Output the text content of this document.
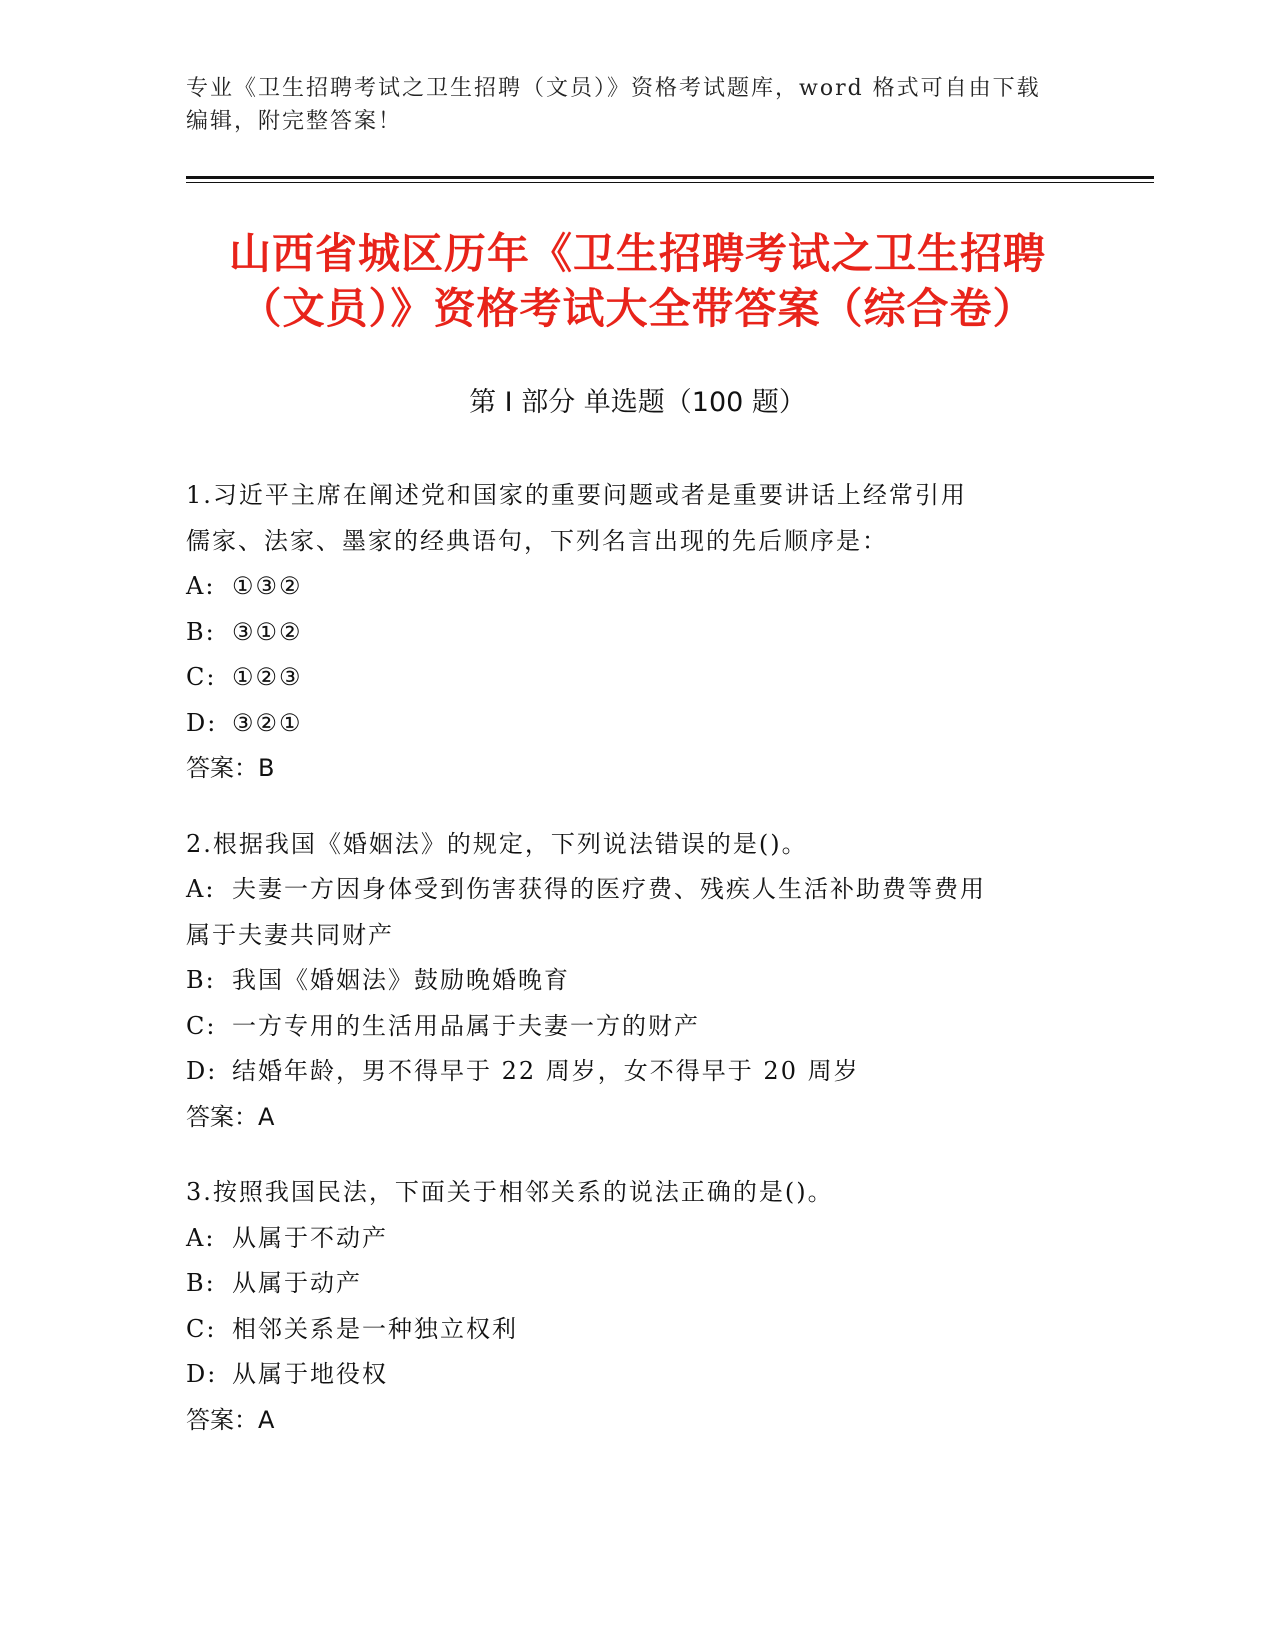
专业《卫生招聘考试之卫生招聘（文员）》资格考试题库，word 格式可自由下载
编辑，附完整答案！
山西省城区历年《卫生招聘考试之卫生招聘
（文员）》资格考试大全带答案（综合卷）
第 I 部分 单选题（100 题）
1.习近平主席在阐述党和国家的重要问题或者是重要讲话上经常引用
儒家、法家、墨家的经典语句，下列名言出现的先后顺序是：
A: ①③②
B: ③①②
C: ①②③
D: ③②①
答案：B
2.根据我国《婚姻法》的规定，下列说法错误的是()。
A: 夫妻一方因身体受到伤害获得的医疗费、残疾人生活补助费等费用
属于夫妻共同财产
B: 我国《婚姻法》鼓励晚婚晚育
C: 一方专用的生活用品属于夫妻一方的财产
D: 结婚年龄，男不得早于 22 周岁，女不得早于 20 周岁
答案：A
3.按照我国民法，下面关于相邻关系的说法正确的是()。
A: 从属于不动产
B: 从属于动产
C: 相邻关系是一种独立权利
D: 从属于地役权
答案：A
